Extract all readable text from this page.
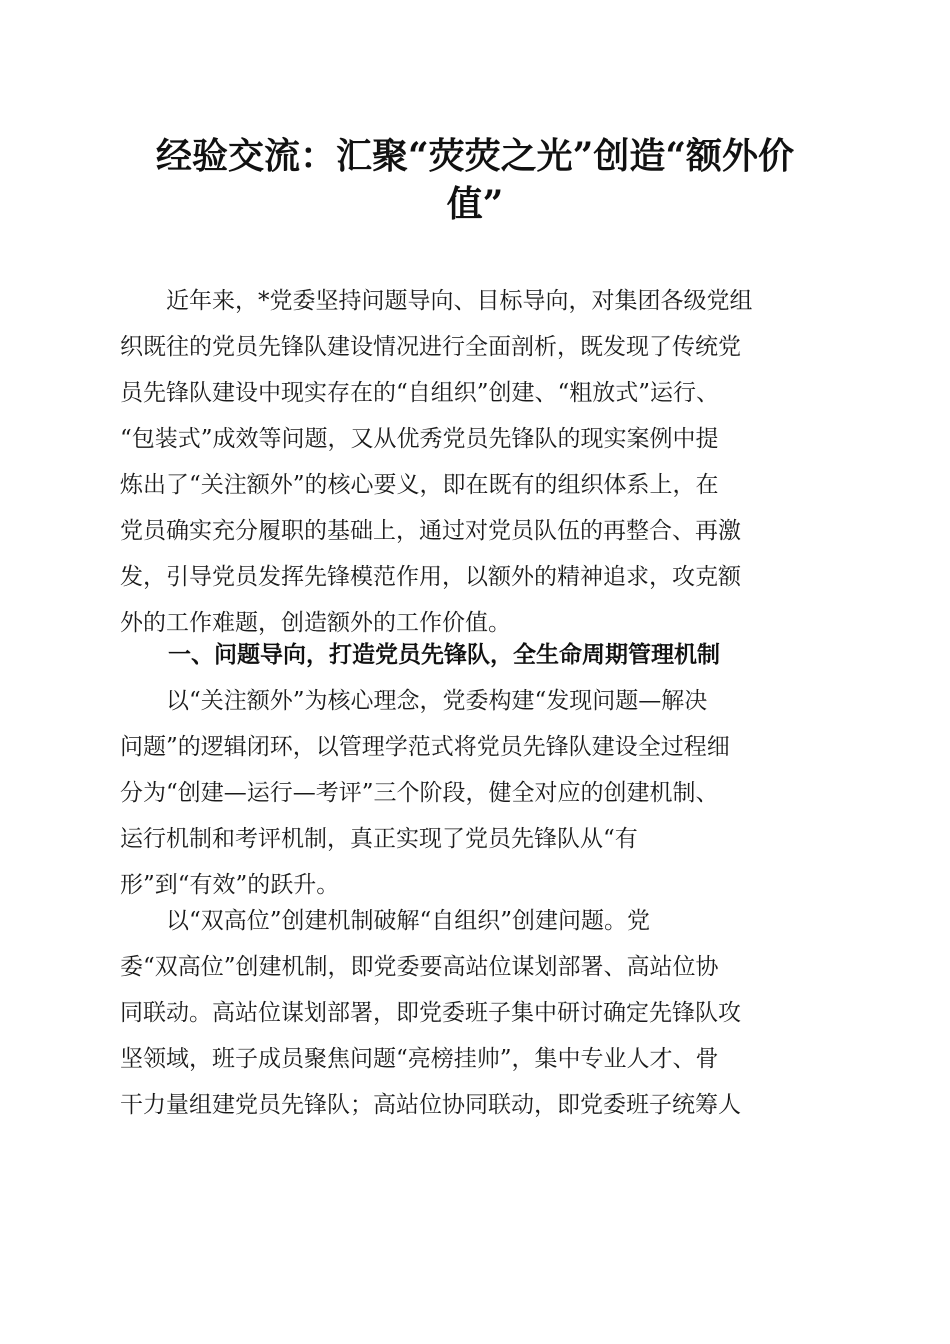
经验交流：汇聚“荧荧之光”创造“额外价
值”
　　近年来，*党委坚持问题导向、目标导向，对集团各级党组
织既往的党员先锋队建设情况进行全面剖析，既发现了传统党
员先锋队建设中现实存在的“自组织”创建、“粗放式”运行、
“包装式”成效等问题，又从优秀党员先锋队的现实案例中提
炼出了“关注额外”的核心要义，即在既有的组织体系上，在
党员确实充分履职的基础上，通过对党员队伍的再整合、再激
发，引导党员发挥先锋模范作用，以额外的精神追求，攻克额
外的工作难题，创造额外的工作价值。
一、问题导向，打造党员先锋队，全生命周期管理机制
　　以“关注额外”为核心理念，党委构建“发现问题—解决
问题”的逻辑闭环，以管理学范式将党员先锋队建设全过程细
分为“创建—运行—考评”三个阶段，健全对应的创建机制、
运行机制和考评机制，真正实现了党员先锋队从“有
形”到“有效”的跃升。
　　以“双高位”创建机制破解“自组织”创建问题。党
委“双高位”创建机制，即党委要高站位谋划部署、高站位协
同联动。高站位谋划部署，即党委班子集中研讨确定先锋队攻
坚领域，班子成员聚焦问题“亮榜挂帅”，集中专业人才、骨
干力量组建党员先锋队；高站位协同联动，即党委班子统筹人
